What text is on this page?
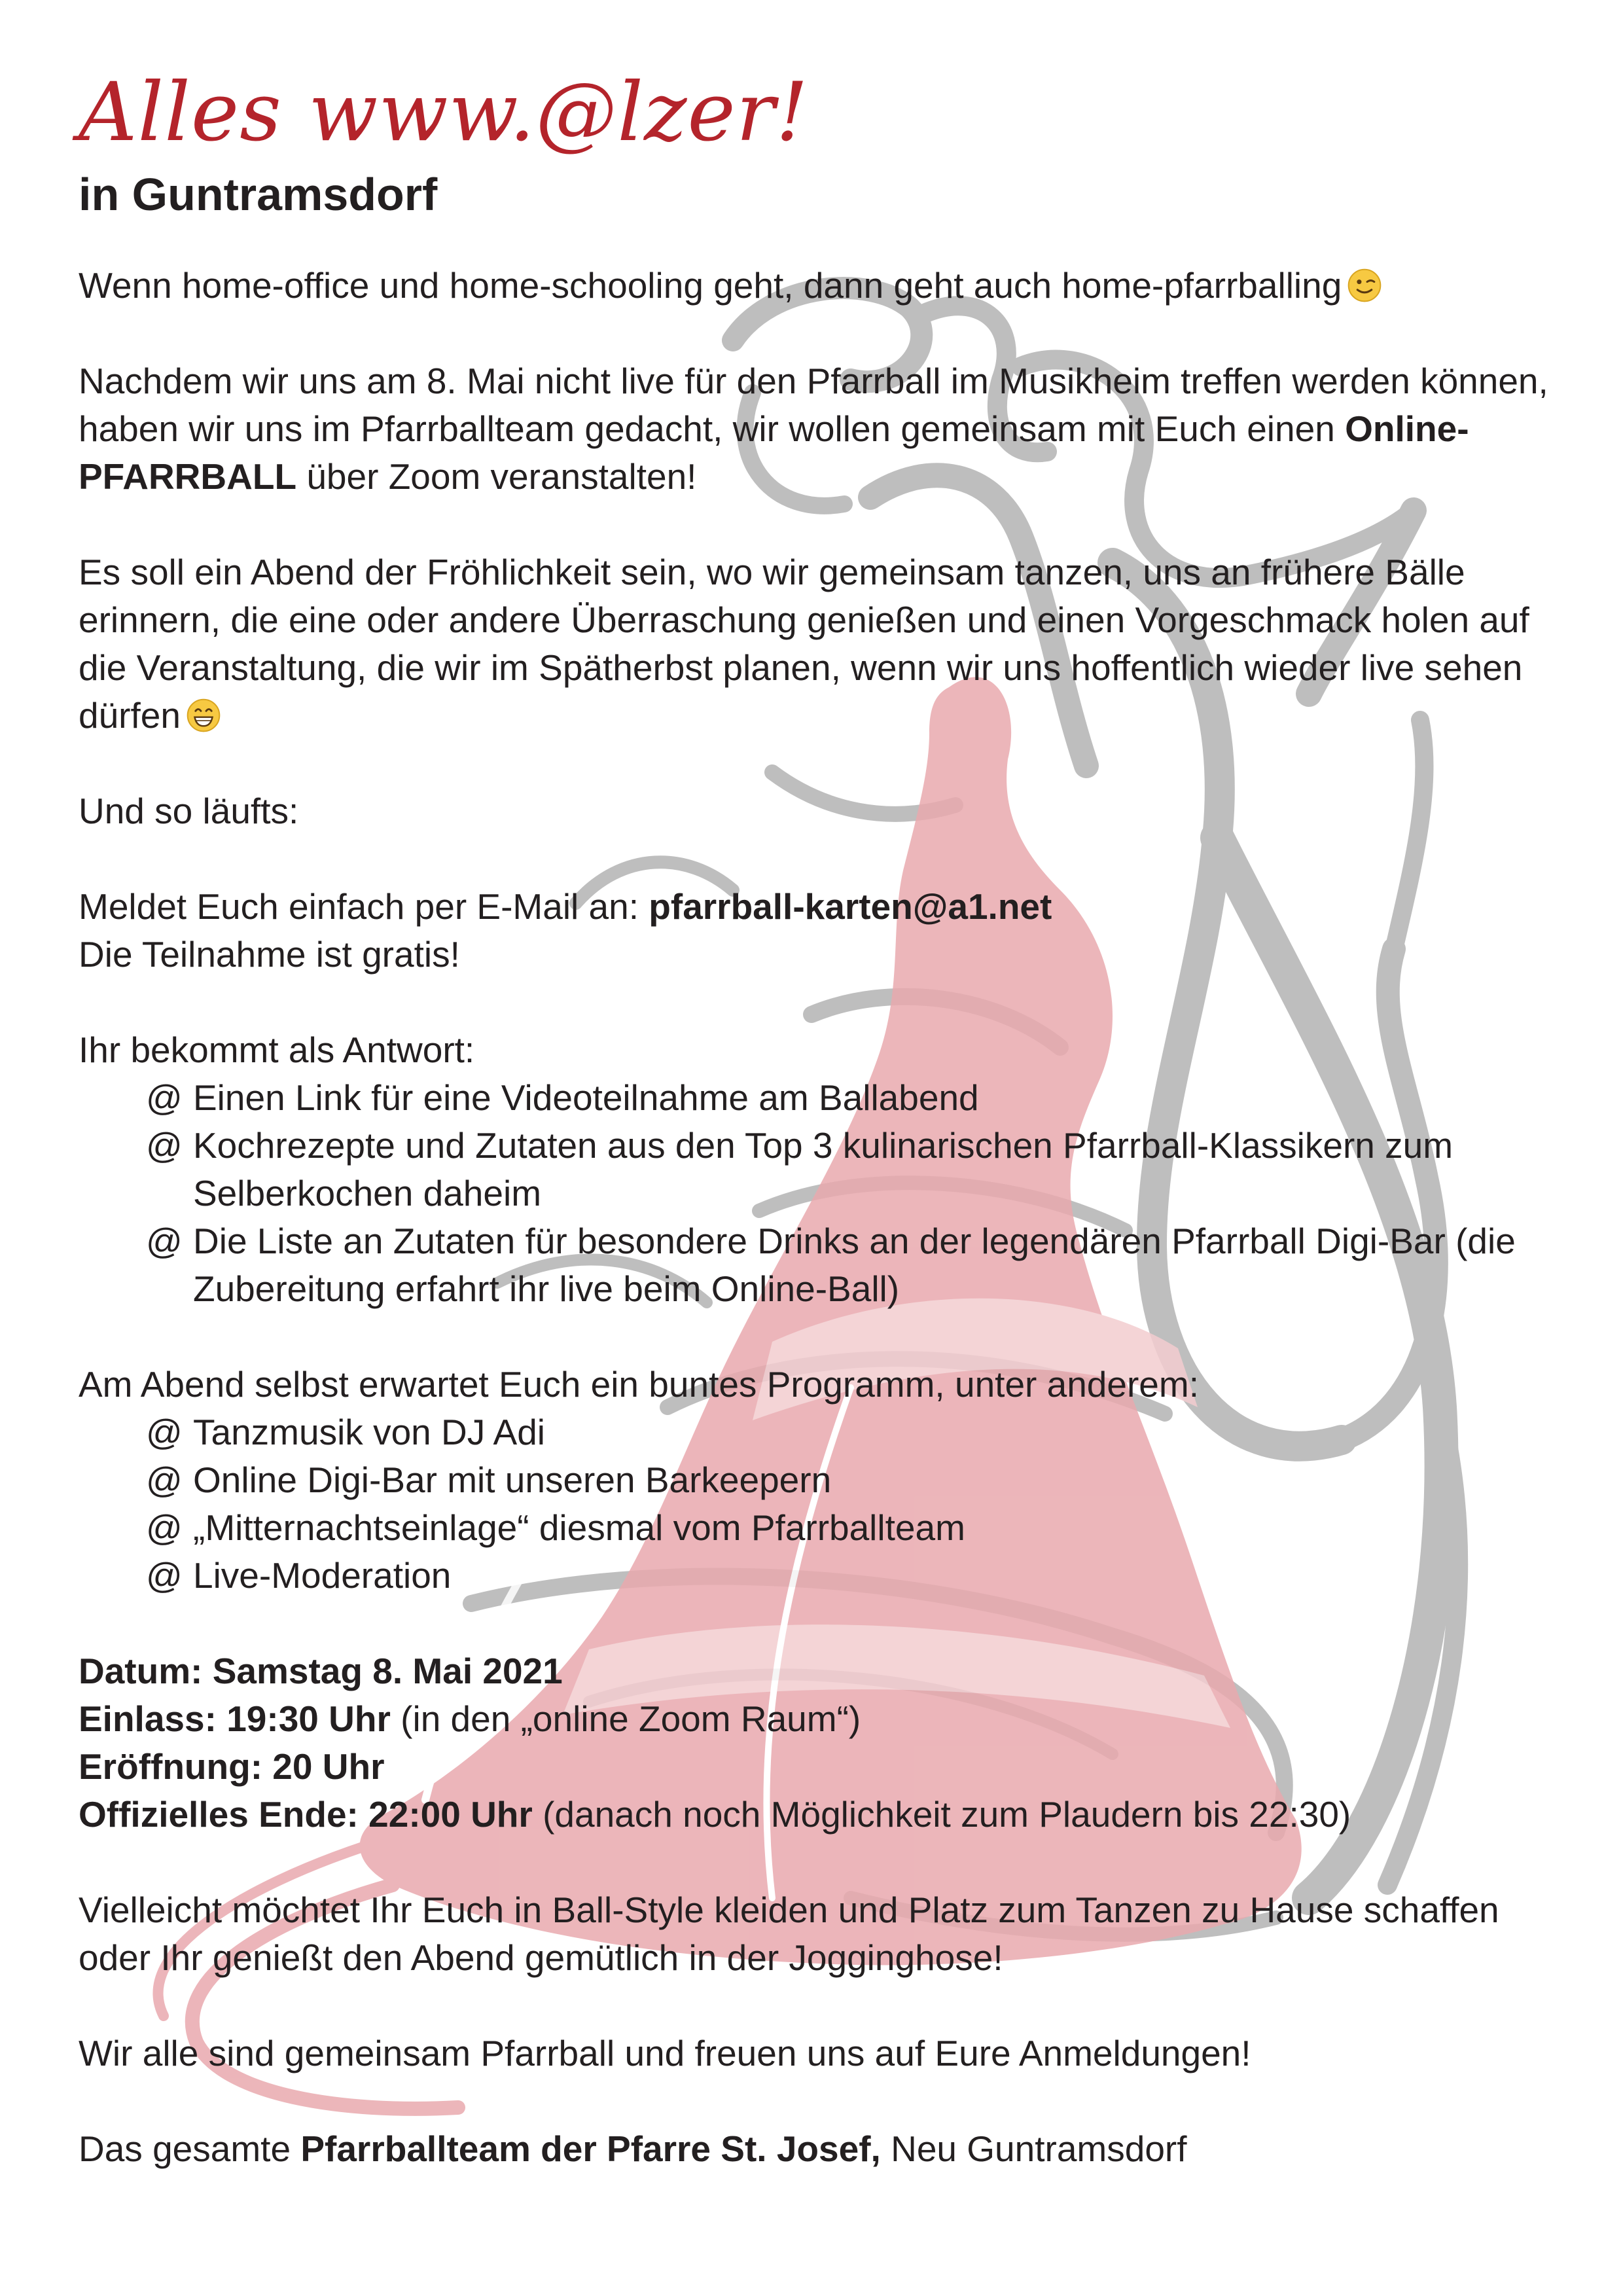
Alles www.@lzer!
in Guntramsdorf

Wenn home-office und home-schooling geht, dann geht auch home-pfarrballing

Nachdem wir uns am 8. Mai nicht live für den Pfarrball im Musikheim treffen werden können, haben wir uns im Pfarrballteam gedacht, wir wollen gemeinsam mit Euch einen Online-PFARRBALL über Zoom veranstalten!

Es soll ein Abend der Fröhlichkeit sein, wo wir gemeinsam tanzen, uns an frühere Bälle erinnern, die eine oder andere Überraschung genießen und einen Vorgeschmack holen auf die Veranstaltung, die wir im Spätherbst planen, wenn wir uns hoffentlich wieder live sehen dürfen

Und so läufts:

Meldet Euch einfach per E-Mail an: pfarrball-karten@a1.net

Die Teilnahme ist gratis!

Ihr bekommt als Antwort:

@ Einen Link für eine Videoteilnahme am Ballabend
@ Kochrezepte und Zutaten aus den Top 3 kulinarischen Pfarrball-Klassikern zum Selberkochen daheim
@ Die Liste an Zutaten für besondere Drinks an der legendären Pfarrball Digi-Bar (die Zubereitung erfahrt ihr live beim Online-Ball)

Am Abend selbst erwartet Euch ein buntes Programm, unter anderem:

@ Tanzmusik von DJ Adi
@ Online Digi-Bar mit unseren Barkeepern
@ „Mitternachtseinlage“ diesmal vom Pfarrballteam
@ Live-Moderation

Datum: Samstag 8. Mai 2021
Einlass: 19:30 Uhr (in den „online Zoom Raum“)
Eröffnung: 20 Uhr
Offizielles Ende: 22:00 Uhr (danach noch Möglichkeit zum Plaudern bis 22:30)

Vielleicht möchtet Ihr Euch in Ball-Style kleiden und Platz zum Tanzen zu Hause schaffen oder Ihr genießt den Abend gemütlich in der Jogginghose!

Wir alle sind gemeinsam Pfarrball und freuen uns auf Eure Anmeldungen!

Das gesamte Pfarrballteam der Pfarre St. Josef, Neu Guntramsdorf
